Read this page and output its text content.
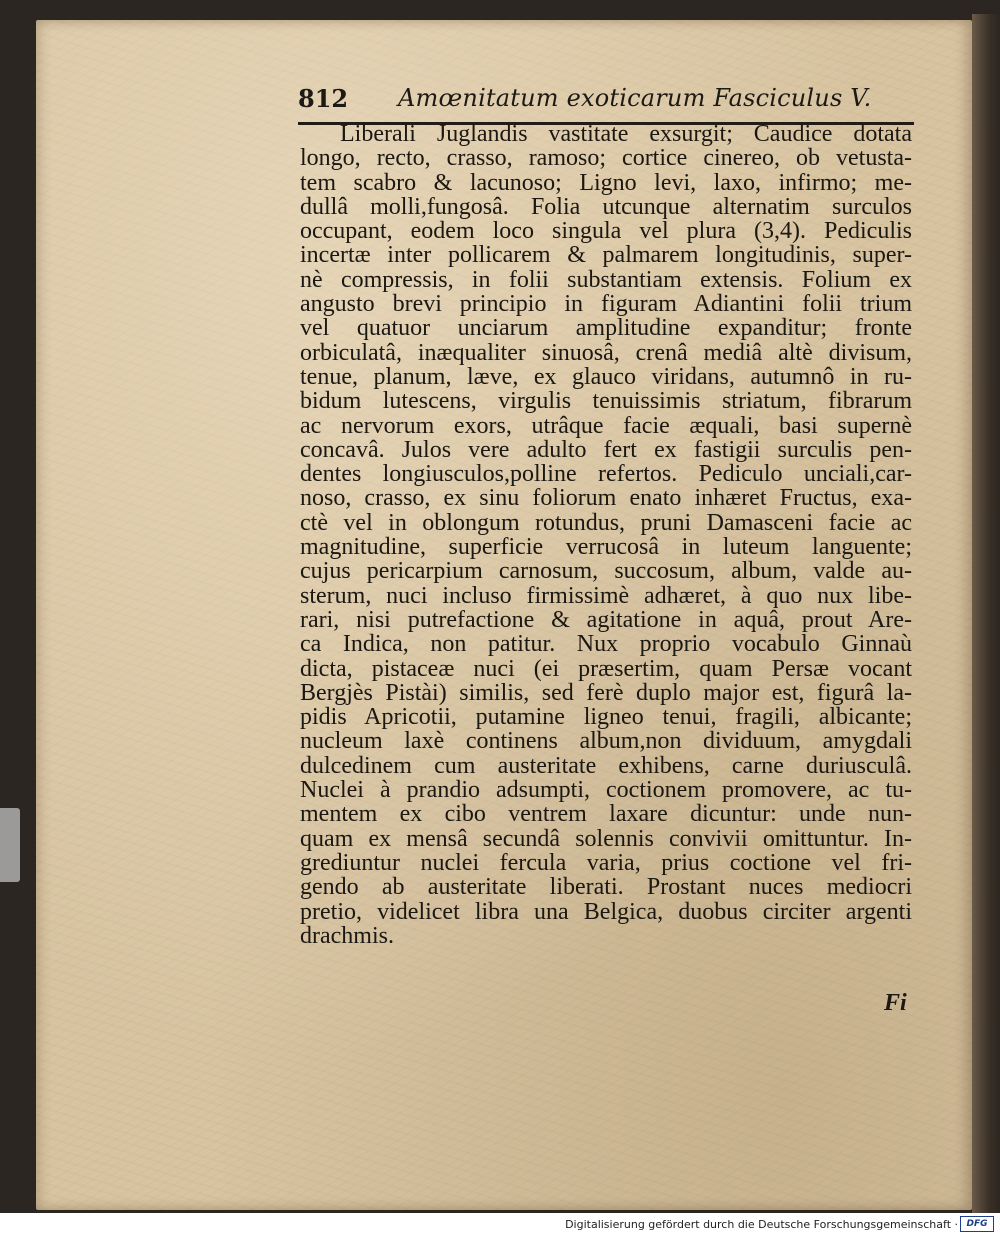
812 Amœnitatum exoticarum Fasciculus V.
Liberali Juglandis vastitate exsurgit; Caudice dotata
longo, recto, crasso, ramoso; cortice cinereo, ob vetusta-
tem scabro & lacunoso; Ligno levi, laxo, infirmo; me-
dullâ molli,fungosâ. Folia utcunque alternatim surculos
occupant, eodem loco singula vel plura (3,4). Pediculis
incertæ inter pollicarem & palmarem longitudinis, super-
nè compressis, in folii substantiam extensis. Folium ex
angusto brevi principio in figuram Adiantini folii trium
vel quatuor unciarum amplitudine expanditur; fronte
orbiculatâ, inæqualiter sinuosâ, crenâ mediâ altè divisum,
tenue, planum, læve, ex glauco viridans, autumnô in ru-
bidum lutescens, virgulis tenuissimis striatum, fibrarum
ac nervorum exors, utrâque facie æquali, basi supernè
concavâ. Julos vere adulto fert ex fastigii surculis pen-
dentes longiusculos,polline refertos. Pediculo unciali,car-
noso, crasso, ex sinu foliorum enato inhæret Fructus, exa-
ctè vel in oblongum rotundus, pruni Damasceni facie ac
magnitudine, superficie verrucosâ in luteum languente;
cujus pericarpium carnosum, succosum, album, valde au-
sterum, nuci incluso firmissimè adhæret, à quo nux libe-
rari, nisi putrefactione & agitatione in aquâ, prout Are-
ca Indica, non patitur. Nux proprio vocabulo Ginnaù
dicta, pistaceæ nuci (ei præsertim, quam Persæ vocant
Bergjès Pistài) similis, sed ferè duplo major est, figurâ la-
pidis Apricotii, putamine ligneo tenui, fragili, albicante;
nucleum laxè continens album,non dividuum, amygdali
dulcedinem cum austeritate exhibens, carne duriusculâ.
Nuclei à prandio adsumpti, coctionem promovere, ac tu-
mentem ex cibo ventrem laxare dicuntur: unde nun-
quam ex mensâ secundâ solennis convivii omittuntur. In-
grediuntur nuclei fercula varia, prius coctione vel fri-
gendo ab austeritate liberati. Prostant nuces mediocri
pretio, videlicet libra una Belgica, duobus circiter argenti
drachmis.
Fi
Digitalisierung gefördert durch die Deutsche Forschungsgemeinschaft · DFG
